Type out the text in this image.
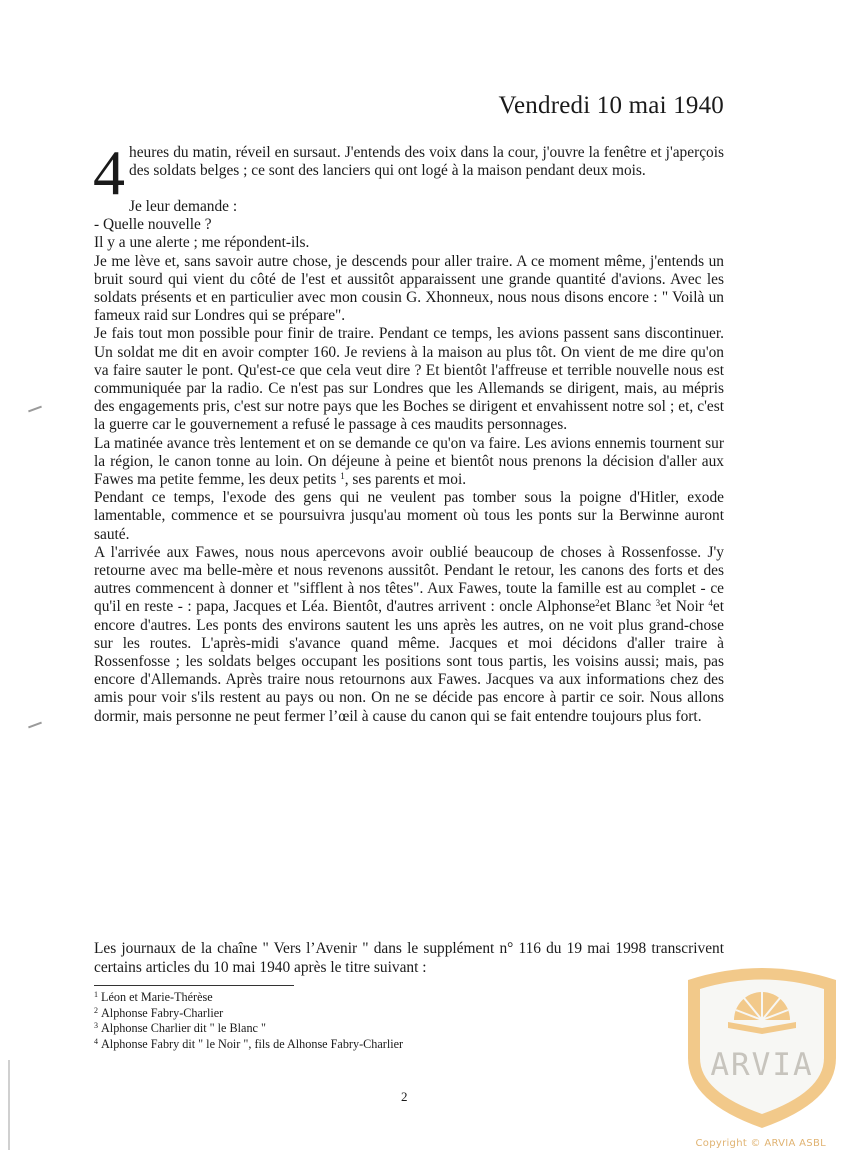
Vendredi 10 mai 1940

4 heures du matin, réveil en sursaut. J'entends des voix dans la cour, j'ouvre la fenêtre et j'aperçois des soldats belges ; ce sont des lanciers qui ont logé à la maison pendant deux mois.

Je leur demande :

- Quelle nouvelle ?

Il y a une alerte ; me répondent-ils.

Je me lève et, sans savoir autre chose, je descends pour aller traire. A ce moment même, j'entends un bruit sourd qui vient du côté de l'est et aussitôt apparaissent une grande quantité d'avions. Avec les soldats présents et en particulier avec mon cousin G. Xhonneux, nous nous disons encore : " Voilà un fameux raid sur Londres qui se prépare".

Je fais tout mon possible pour finir de traire. Pendant ce temps, les avions passent sans discontinuer. Un soldat me dit en avoir compter 160. Je reviens à la maison au plus tôt. On vient de me dire qu'on va faire sauter le pont. Qu'est-ce que cela veut dire ? Et bientôt l'affreuse et terrible nouvelle nous est communiquée par la radio. Ce n'est pas sur Londres que les Allemands se dirigent, mais, au mépris des engagements pris, c'est sur notre pays que les Boches se dirigent et envahissent notre sol ; et, c'est la guerre car le gouvernement a refusé le passage à ces maudits personnages.

La matinée avance très lentement et on se demande ce qu'on va faire. Les avions ennemis tournent sur la région, le canon tonne au loin. On déjeune à peine et bientôt nous prenons la décision d'aller aux Fawes ma petite femme, les deux petits $^1$, ses parents et moi.

Pendant ce temps, l'exode des gens qui ne veulent pas tomber sous la poigne d'Hitler, exode lamentable, commence et se poursuivra jusqu'au moment où tous les ponts sur la Berwinne auront sauté.

A l'arrivée aux Fawes, nous nous apercevons avoir oublié beaucoup de choses à Rossenfosse. J'y retourne avec ma belle-mère et nous revenons aussitôt. Pendant le retour, les canons des forts et des autres commencent à donner et "sifflent à nos têtes". Aux Fawes, toute la famille est au complet - ce qu'il en reste - : papa, Jacques et Léa. Bientôt, d'autres arrivent : oncle Alphonse$^2$et Blanc $^3$et Noir $^4$et encore d'autres. Les ponts des environs sautent les uns après les autres, on ne voit plus grand-chose sur les routes. L'après-midi s'avance quand même. Jacques et moi décidons d'aller traire à Rossenfosse ; les soldats belges occupant les positions sont tous partis, les voisins aussi; mais, pas encore d'Allemands. Après traire nous retournons aux Fawes. Jacques va aux informations chez des amis pour voir s'ils restent au pays ou non. On ne se décide pas encore à partir ce soir. Nous allons dormir, mais personne ne peut fermer l’œil à cause du canon qui se fait entendre toujours plus fort.

Les journaux de la chaîne " Vers l’Avenir " dans le supplément n° 116 du 19 mai 1998 transcrivent certains articles du 10 mai 1940 après le titre suivant :

$^1$ Léon et Marie-Thérèse
$^2$ Alphonse Fabry-Charlier
$^3$ Alphonse Charlier dit " le Blanc "
$^4$ Alphonse Fabry dit " le Noir ", fils de Alhonse Fabry-Charlier
2
ARVIA
Copyright © ARVIA ASBL
